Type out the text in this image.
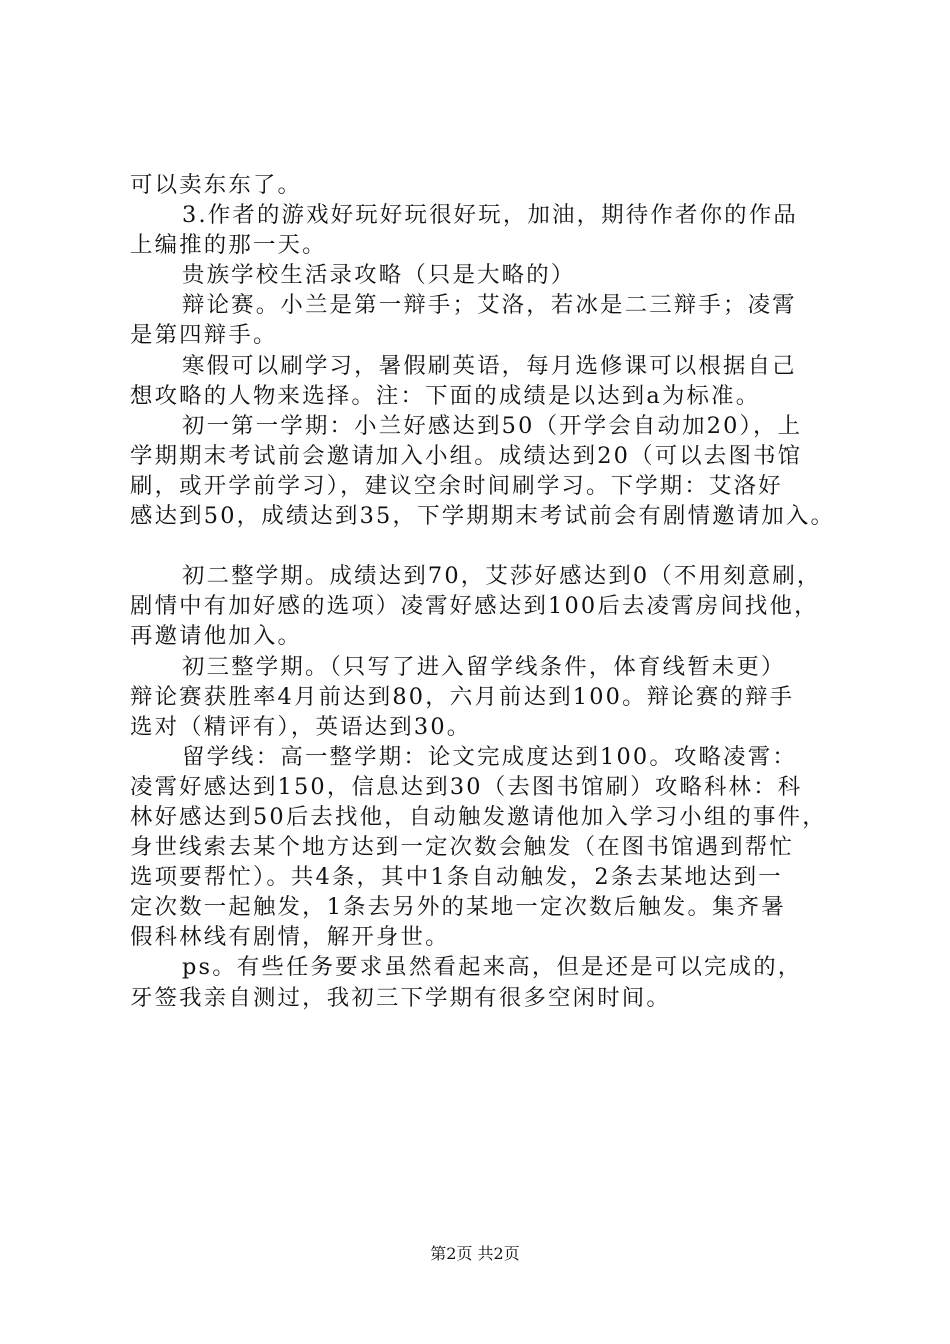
可以卖东东了。

3.作者的游戏好玩好玩很好玩，加油，期待作者你的作品
上编推的那一天。

贵族学校生活录攻略（只是大略的）

辩论赛。小兰是第一辩手；艾洛，若冰是二三辩手；凌霄
是第四辩手。

寒假可以刷学习，暑假刷英语，每月选修课可以根据自己
想攻略的人物来选择。注：下面的成绩是以达到a为标准。

初一第一学期：小兰好感达到50（开学会自动加20），上
学期期末考试前会邀请加入小组。成绩达到20（可以去图书馆
刷，或开学前学习），建议空余时间刷学习。下学期：艾洛好
感达到50，成绩达到35，下学期期末考试前会有剧情邀请加入。

初二整学期。成绩达到70，艾莎好感达到0（不用刻意刷，
剧情中有加好感的选项）凌霄好感达到100后去凌霄房间找他，
再邀请他加入。

初三整学期。（只写了进入留学线条件，体育线暂未更）
辩论赛获胜率4月前达到80，六月前达到100。辩论赛的辩手
选对（精评有），英语达到30。

留学线：高一整学期：论文完成度达到100。攻略凌霄：
凌霄好感达到150，信息达到30（去图书馆刷）攻略科林：科
林好感达到50后去找他，自动触发邀请他加入学习小组的事件，
身世线索去某个地方达到一定次数会触发（在图书馆遇到帮忙
选项要帮忙）。共4条，其中1条自动触发，2条去某地达到一
定次数一起触发，1条去另外的某地一定次数后触发。集齐暑
假科林线有剧情，解开身世。

ps。有些任务要求虽然看起来高，但是还是可以完成的，
牙签我亲自测过，我初三下学期有很多空闲时间。

第2页 共2页
